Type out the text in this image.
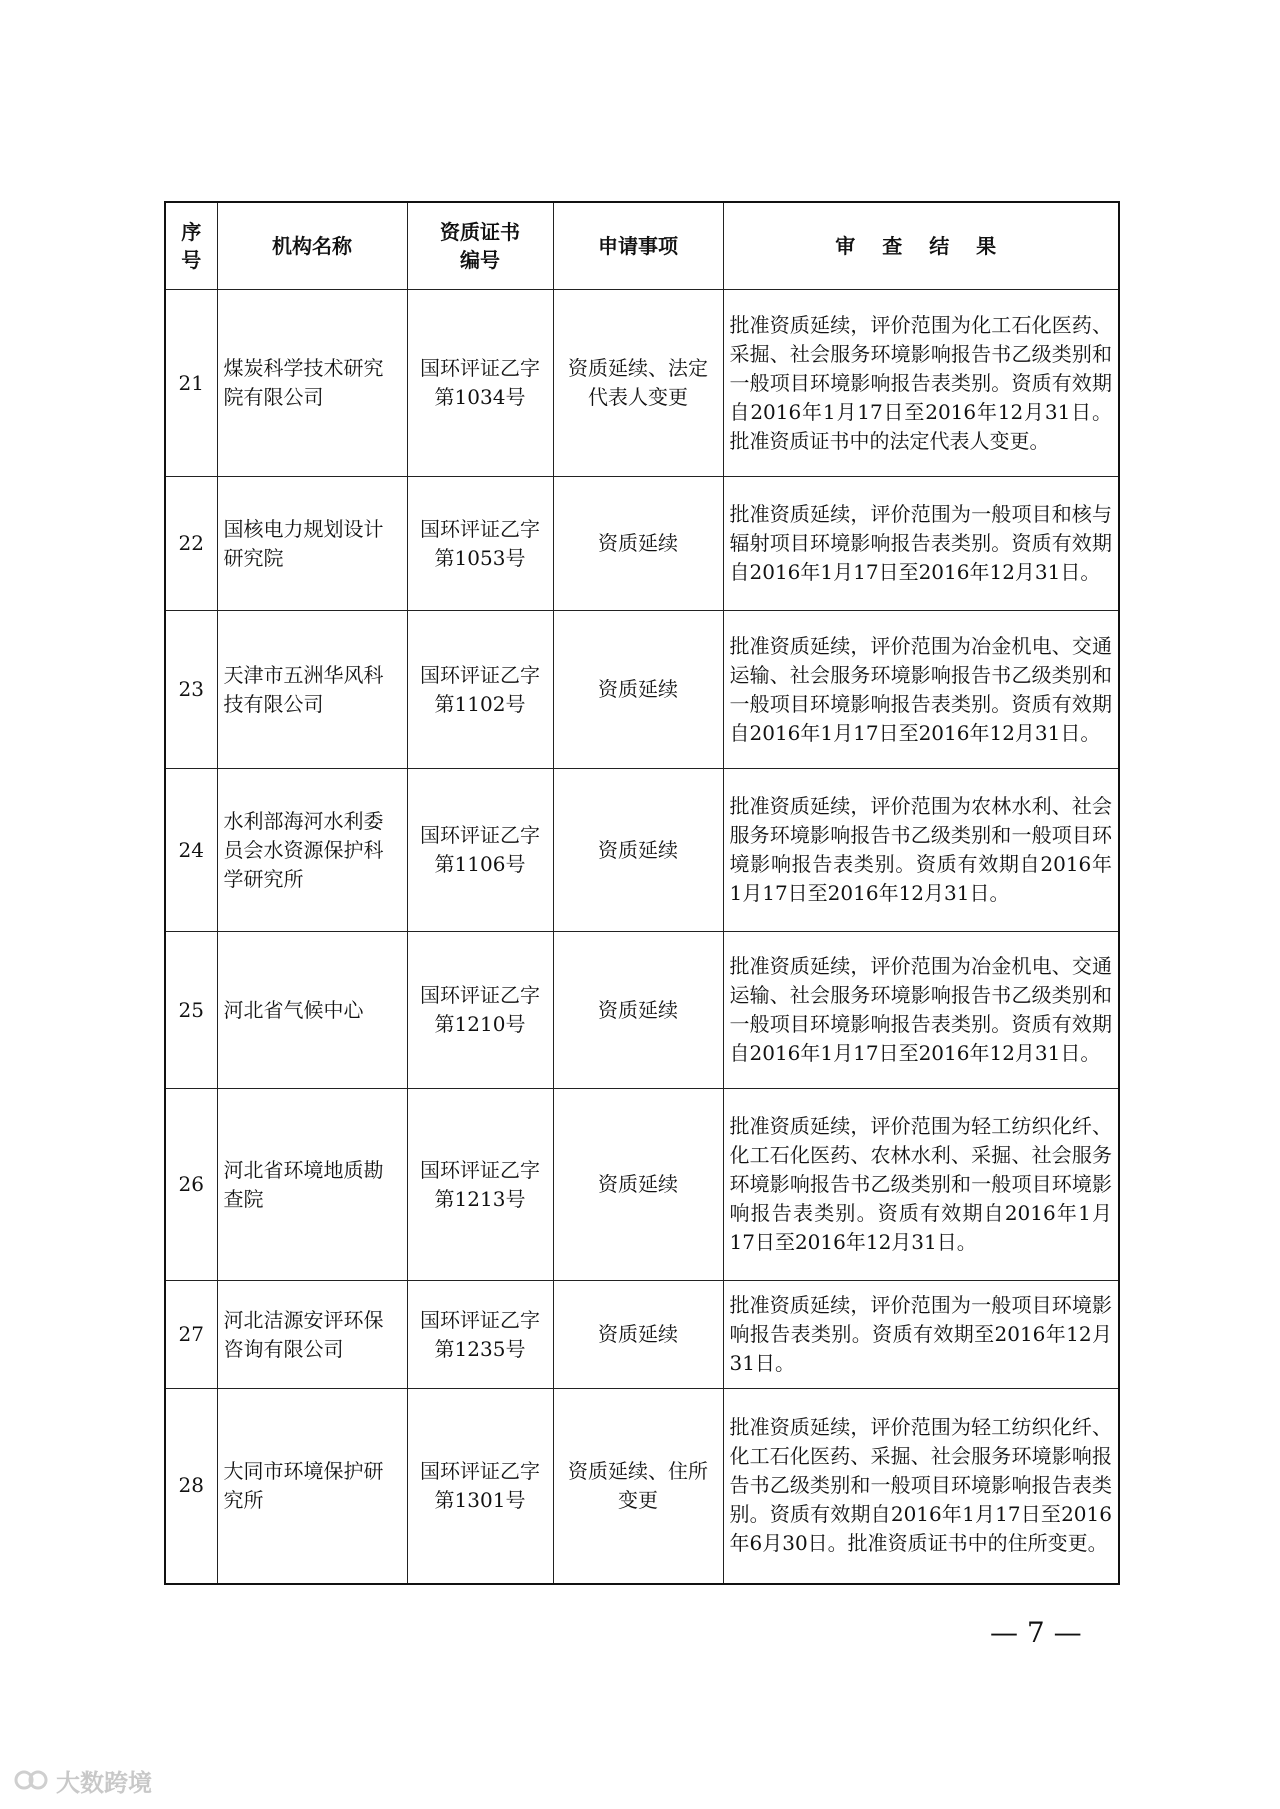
序号	机构名称	资质证书编号	申请事项	审 查 结 果
21	煤炭科学技术研究院有限公司	国环评证乙字第1034号	资质延续、法定代表人变更	批准资质延续，评价范围为化工石化医药、采掘、社会服务环境影响报告书乙级类别和一般项目环境影响报告表类别。资质有效期自2016年1月17日至2016年12月31日。批准资质证书中的法定代表人变更。
22	国核电力规划设计研究院	国环评证乙字第1053号	资质延续	批准资质延续，评价范围为一般项目和核与辐射项目环境影响报告表类别。资质有效期自2016年1月17日至2016年12月31日。
23	天津市五洲华风科技有限公司	国环评证乙字第1102号	资质延续	批准资质延续，评价范围为冶金机电、交通运输、社会服务环境影响报告书乙级类别和一般项目环境影响报告表类别。资质有效期自2016年1月17日至2016年12月31日。
24	水利部海河水利委员会水资源保护科学研究所	国环评证乙字第1106号	资质延续	批准资质延续，评价范围为农林水利、社会服务环境影响报告书乙级类别和一般项目环境影响报告表类别。资质有效期自2016年1月17日至2016年12月31日。
25	河北省气候中心	国环评证乙字第1210号	资质延续	批准资质延续，评价范围为冶金机电、交通运输、社会服务环境影响报告书乙级类别和一般项目环境影响报告表类别。资质有效期自2016年1月17日至2016年12月31日。
26	河北省环境地质勘查院	国环评证乙字第1213号	资质延续	批准资质延续，评价范围为轻工纺织化纤、化工石化医药、农林水利、采掘、社会服务环境影响报告书乙级类别和一般项目环境影响报告表类别。资质有效期自2016年1月17日至2016年12月31日。
27	河北洁源安评环保咨询有限公司	国环评证乙字第1235号	资质延续	批准资质延续，评价范围为一般项目环境影响报告表类别。资质有效期至2016年12月31日。
28	大同市环境保护研究所	国环评证乙字第1301号	资质延续、住所变更	批准资质延续，评价范围为轻工纺织化纤、化工石化医药、采掘、社会服务环境影响报告书乙级类别和一般项目环境影响报告表类别。资质有效期自2016年1月17日至2016年6月30日。批准资质证书中的住所变更。
— 7 —
大数跨境
